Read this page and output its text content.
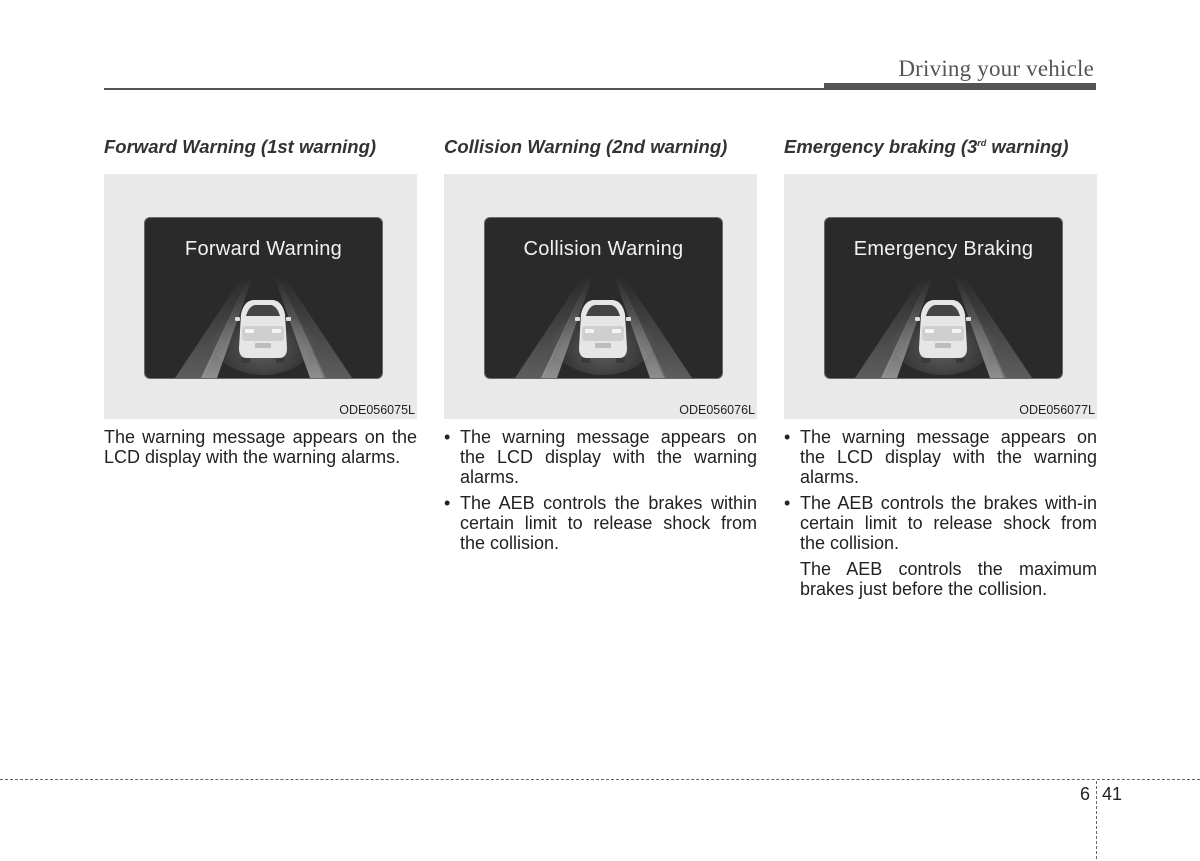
Driving your vehicle
Forward Warning (1st warning)
Forward Warning
ODE056075L
The warning message appears on the LCD display with the warning alarms.
Collision Warning (2nd warning)
Collision Warning
ODE056076L
• The warning message appears on the LCD display with the warning alarms.
• The AEB controls the brakes within certain limit to release shock from the collision.
Emergency braking (3rd warning)
Emergency Braking
ODE056077L
• The warning message appears on the LCD display with the warning alarms.
• The AEB controls the brakes with-in certain limit to release shock from the collision.
The AEB controls the maximum brakes just before the collision.
6 41
